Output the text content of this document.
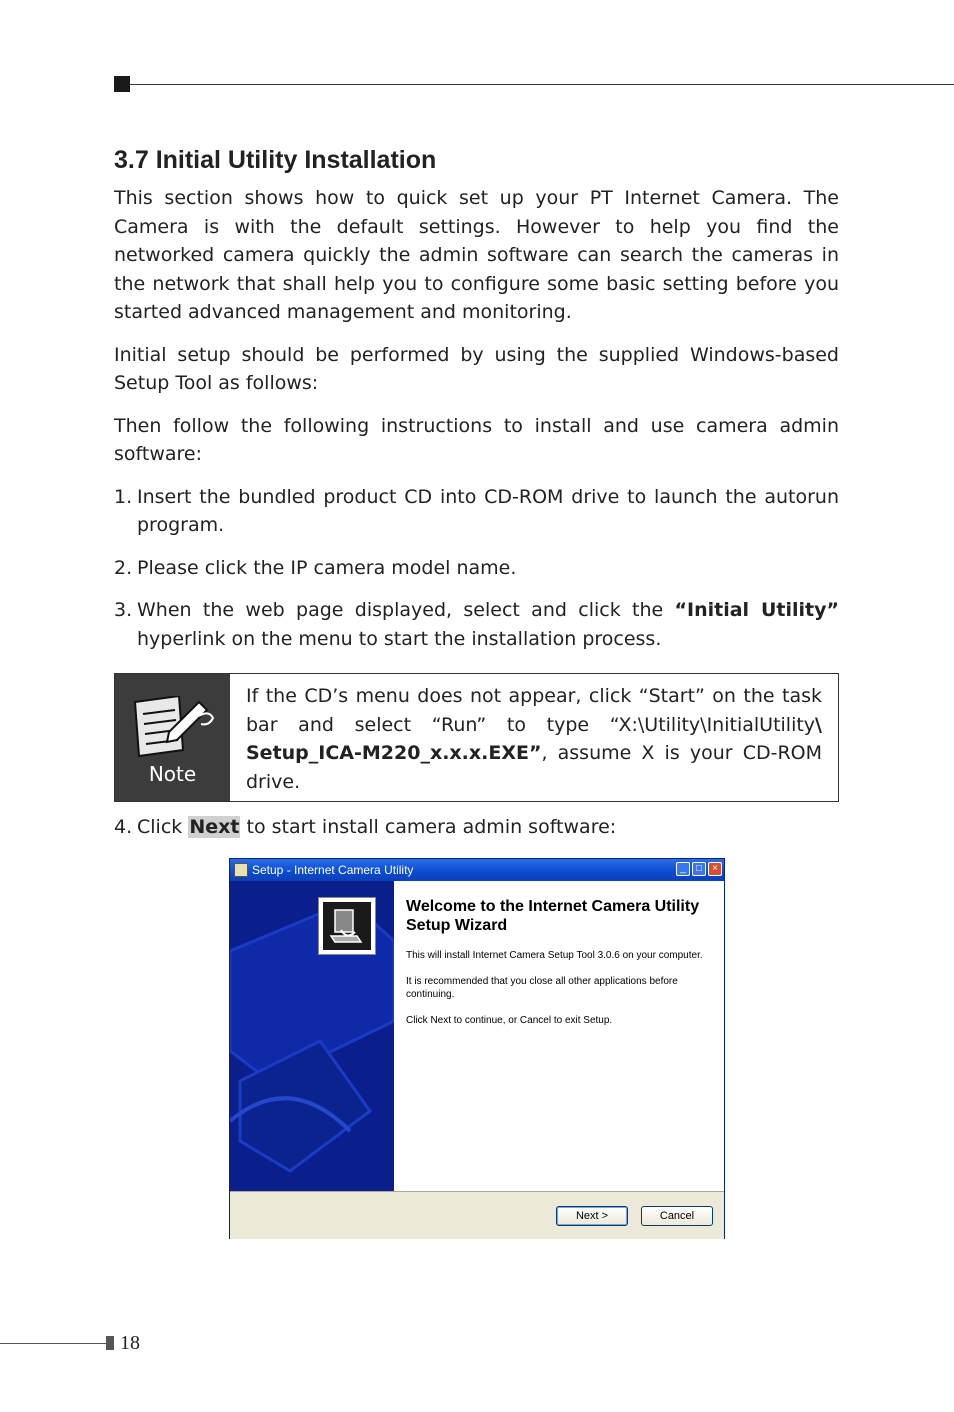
3.7 Initial Utility Installation

This section shows how to quick set up your PT Internet Camera. The Camera is with the default settings. However to help you find the networked camera quickly the admin software can search the cameras in the network that shall help you to configure some basic setting before you started advanced management and monitoring.

Initial setup should be performed by using the supplied Windows-based Setup Tool as follows:

Then follow the following instructions to install and use camera admin software:

1. Insert the bundled product CD into CD-ROM drive to launch the autorun program.
2. Please click the IP camera model name.
3. When the web page displayed, select and click the “Initial Utility” hyperlink on the menu to start the installation process.
Note
If the CD’s menu does not appear, click “Start” on the task bar and select “Run” to type “X:\Utility\InitialUtility\ Setup_ICA-M220_x.x.x.EXE”, assume X is your CD-ROM drive.
4. Click Next to start install camera admin software:
Setup - Internet Camera Utility	_	□	×
Welcome to the Internet Camera Utility Setup Wizard
This will install Internet Camera Setup Tool 3.0.6 on your computer.
It is recommended that you close all other applications before continuing.
Click Next to continue, or Cancel to exit Setup.
Next >	Cancel
18
